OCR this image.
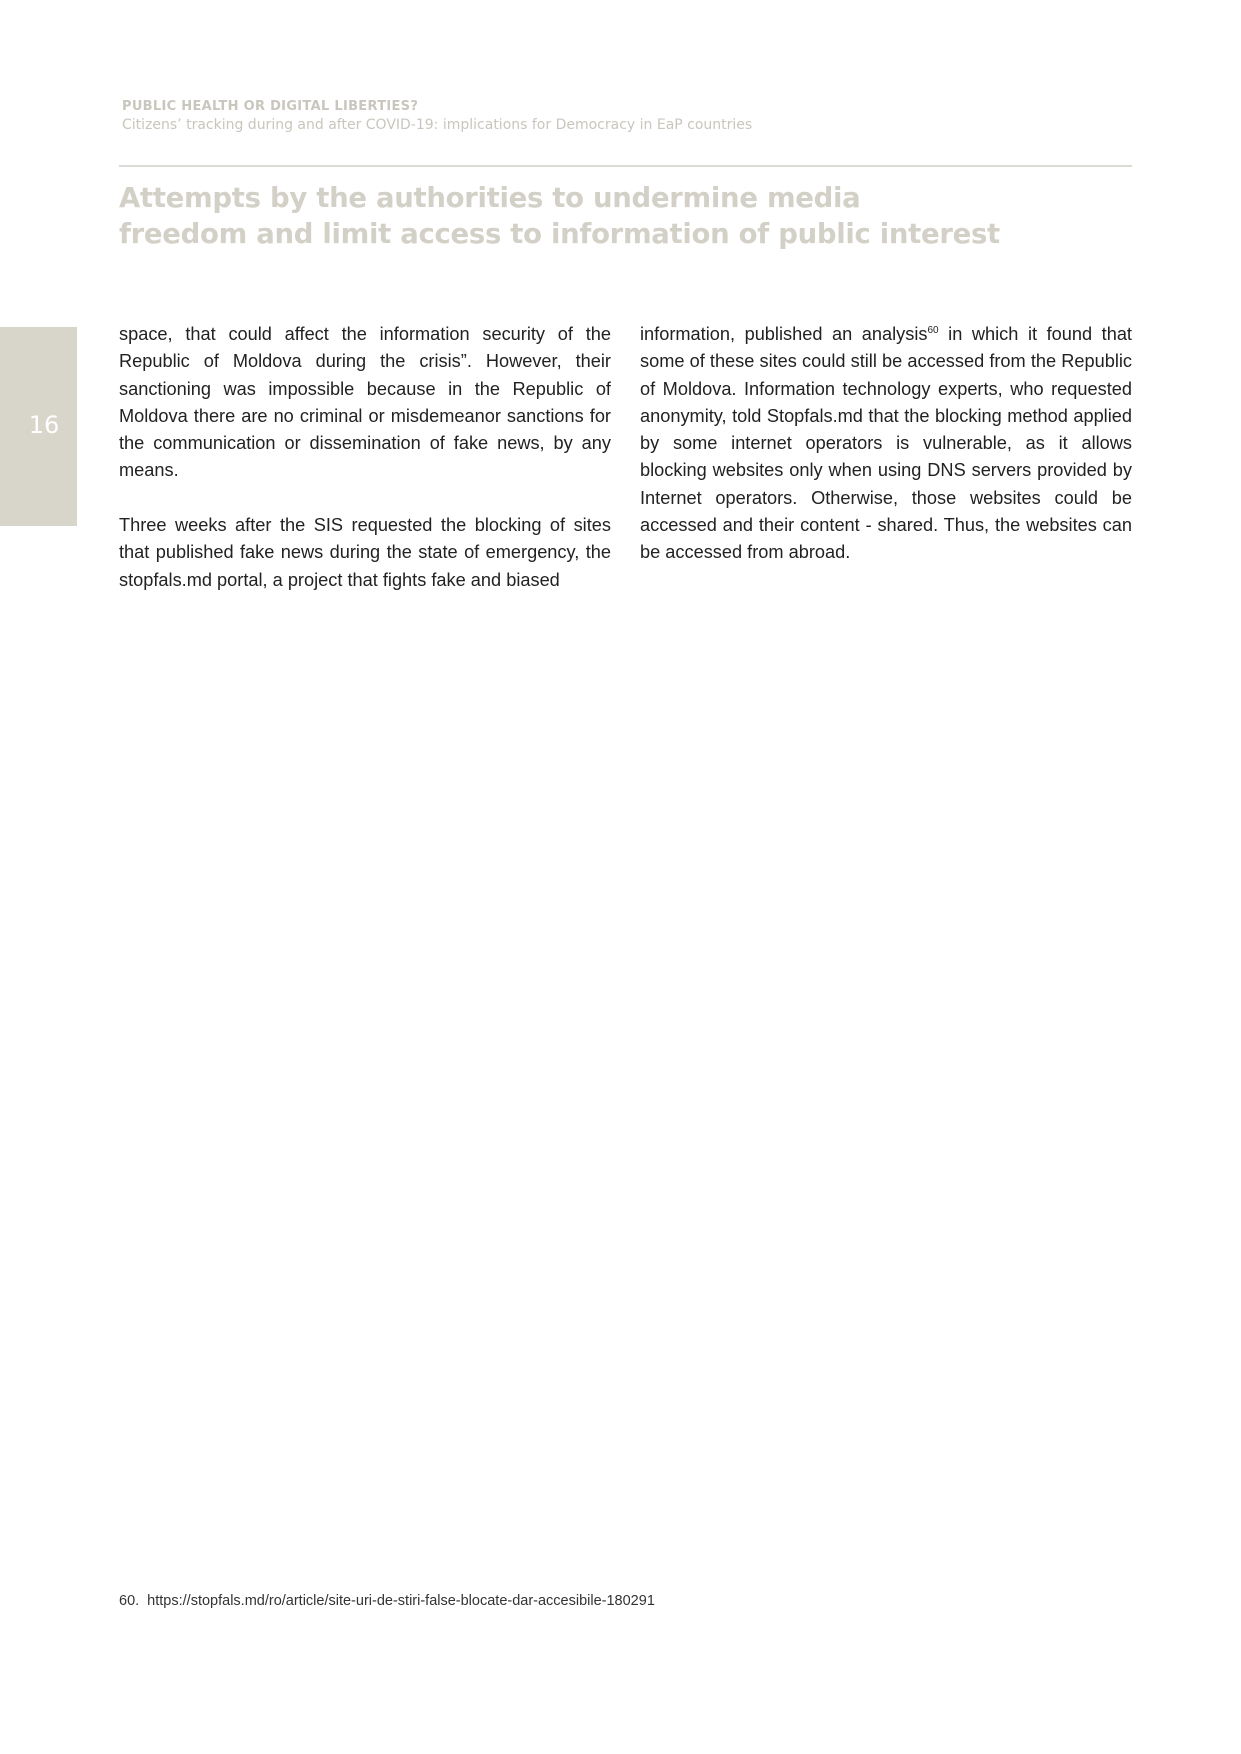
PUBLIC HEALTH OR DIGITAL LIBERTIES?
Citizens’ tracking during and after COVID-19: implications for Democracy in EaP countries
Attempts by the authorities to undermine media
freedom and limit access to information of public interest
16

space, that could affect the information security of the Republic of Moldova during the crisis”. However, their sanctioning was impossible because in the Republic of Moldova there are no criminal or misdemeanor sanctions for the communication or dissemination of fake news, by any means.

Three weeks after the SIS requested the blocking of sites that published fake news during the state of emergency, the stopfals.md portal, a project that fights fake and biased

information, published an analysis$^{60}$ in which it found that some of these sites could still be accessed from the Republic of Moldova. Information technology experts, who requested anonymity, told Stopfals.md that the blocking method applied by some internet operators is vulnerable, as it allows blocking websites only when using DNS servers provided by Internet operators. Otherwise, those websites could be accessed and their content - shared. Thus, the websites can be accessed from abroad.

60. https://stopfals.md/ro/article/site-uri-de-stiri-false-blocate-dar-accesibile-180291
